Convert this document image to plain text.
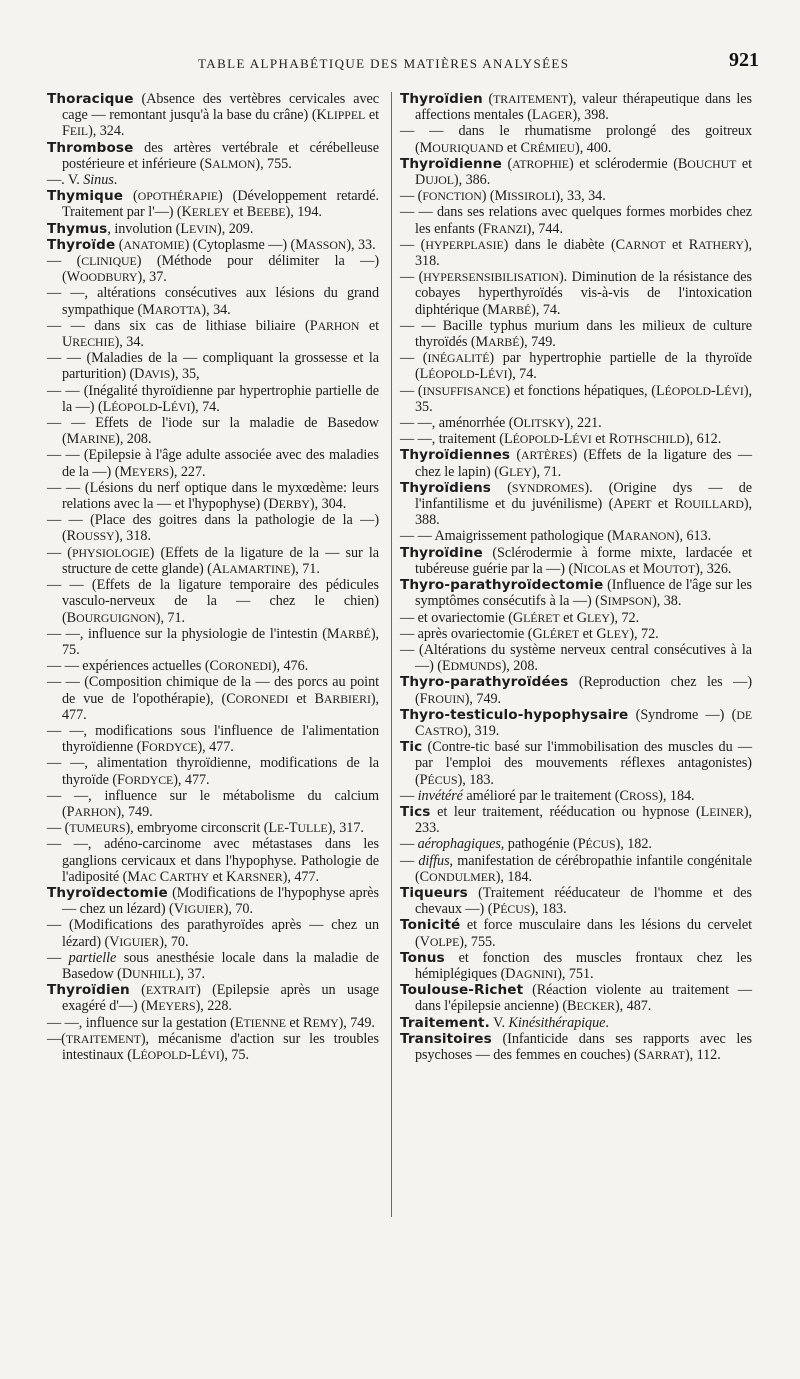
TABLE ALPHABÉTIQUE DES MATIÈRES ANALYSÉES	921

Thoracique (Absence des vertèbres cervicales avec cage — remontant jusqu'à la base du crâne) (KLIPPEL et FEIL), 324.

Thrombose des artères vertébrale et cérébelleuse postérieure et inférieure (SALMON), 755.

—. V. Sinus.

Thymique (OPOTHÉRAPIE) (Développement retardé. Traitement par l'—) (KERLEY et BEEBE), 194.

Thymus, involution (LEVIN), 209.

Thyroïde (ANATOMIE) (Cytoplasme —) (MASSON), 33.

— (CLINIQUE) (Méthode pour délimiter la —) (WOODBURY), 37.

— —, altérations consécutives aux lésions du grand sympathique (MAROTTA), 34.

— — dans six cas de lithiase biliaire (PARHON et URECHIE), 34.

— — (Maladies de la — compliquant la grossesse et la parturition) (DAVIS), 35,

— — (Inégalité thyroïdienne par hypertrophie partielle de la —) (LÉOPOLD-LÉVI), 74.

— — Effets de l'iode sur la maladie de Basedow (MARINE), 208.

— — (Epilepsie à l'âge adulte associée avec des maladies de la —) (MEYERS), 227.

— — (Lésions du nerf optique dans le myxœdème: leurs relations avec la — et l'hypophyse) (DERBY), 304.

— — (Place des goitres dans la pathologie de la —) (ROUSSY), 318.

— (PHYSIOLOGIE) (Effets de la ligature de la — sur la structure de cette glande) (ALAMARTINE), 71.

— — (Effets de la ligature temporaire des pédicules vasculo-nerveux de la — chez le chien) (BOURGUIGNON), 71.

— —, influence sur la physiologie de l'intestin (MARBÉ), 75.

— — expériences actuelles (CORONEDI), 476.

— — (Composition chimique de la — des porcs au point de vue de l'opothérapie), (CORONEDI et BARBIERI), 477.

— —, modifications sous l'influence de l'alimentation thyroïdienne (FORDYCE), 477.

— —, alimentation thyroïdienne, modifications de la thyroïde (FORDYCE), 477.

— —, influence sur le métabolisme du calcium (PARHON), 749.

— (TUMEURS), embryome circonscrit (LE-TULLE), 317.

— —, adéno-carcinome avec métastases dans les ganglions cervicaux et dans l'hypophyse. Pathologie de l'adiposité (MAC CARTHY et KARSNER), 477.

Thyroïdectomie (Modifications de l'hypophyse après — chez un lézard) (VIGUIER), 70.

— (Modifications des parathyroïdes après — chez un lézard) (VIGUIER), 70.

— partielle sous anesthésie locale dans la maladie de Basedow (DUNHILL), 37.

Thyroïdien (EXTRAIT) (Epilepsie après un usage exagéré d'—) (MEYERS), 228.

— —, influence sur la gestation (ETIENNE et REMY), 749.

—(TRAITEMENT), mécanisme d'action sur les troubles intestinaux (LÉOPOLD-LÉVI), 75.

Thyroïdien (TRAITEMENT), valeur thérapeutique dans les affections mentales (LAGER), 398.

— — dans le rhumatisme prolongé des goitreux (MOURIQUAND et CRÉMIEU), 400.

Thyroïdienne (ATROPHIE) et sclérodermie (BOUCHUT et DUJOL), 386.

— (FONCTION) (MISSIROLI), 33, 34.

— — dans ses relations avec quelques formes morbides chez les enfants (FRANZI), 744.

— (HYPERPLASIE) dans le diabète (CARNOT et RATHERY), 318.

— (HYPERSENSIBILISATION). Diminution de la résistance des cobayes hyperthyroïdés vis-à-vis de l'intoxication diphtérique (MARBÉ), 74.

— — Bacille typhus murium dans les milieux de culture thyroïdés (MARBÉ), 749.

— (INÉGALITÉ) par hypertrophie partielle de la thyroïde (LÉOPOLD-LÉVI), 74.

— (INSUFFISANCE) et fonctions hépatiques, (LÉOPOLD-LÉVI), 35.

— —, aménorrhée (OLITSKY), 221.

— —, traitement (LÉOPOLD-LÉVI et ROTHSCHILD), 612.

Thyroïdiennes (ARTÈRES) (Effets de la ligature des — chez le lapin) (GLEY), 71.

Thyroïdiens (SYNDROMES). (Origine dys — de l'infantilisme et du juvénilisme) (APERT et ROUILLARD), 388.

— — Amaigrissement pathologique (MARANON), 613.

Thyroïdine (Sclérodermie à forme mixte, lardacée et tubéreuse guérie par la —) (NICOLAS et MOUTOT), 326.

Thyro-parathyroïdectomie (Influence de l'âge sur les symptômes consécutifs à la —) (SIMPSON), 38.

— et ovariectomie (GLÉRET et GLEY), 72.

— après ovariectomie (GLÉRET et GLEY), 72.

— (Altérations du système nerveux central consécutives à la —) (EDMUNDS), 208.

Thyro-parathyroïdées (Reproduction chez les —) (FROUIN), 749.

Thyro-testiculo-hypophysaire (Syndrome —) (DE CASTRO), 319.

Tic (Contre-tic basé sur l'immobilisation des muscles du — par l'emploi des mouvements réflexes antagonistes) (PÉCUS), 183.

— invétéré amélioré par le traitement (CROSS), 184.

Tics et leur traitement, rééducation ou hypnose (LEINER), 233.

— aérophagiques, pathogénie (PÉCUS), 182.

— diffus, manifestation de cérébropathie infantile congénitale (CONDULMER), 184.

Tiqueurs (Traitement rééducateur de l'homme et des chevaux —) (PÉCUS), 183.

Tonicité et force musculaire dans les lésions du cervelet (VOLPE), 755.

Tonus et fonction des muscles frontaux chez les hémiplégiques (DAGNINI), 751.

Toulouse-Richet (Réaction violente au traitement — dans l'épilepsie ancienne) (BECKER), 487.

Traitement. V. Kinésithérapique.

Transitoires (Infanticide dans ses rapports avec les psychoses — des femmes en couches) (SARRAT), 112.
